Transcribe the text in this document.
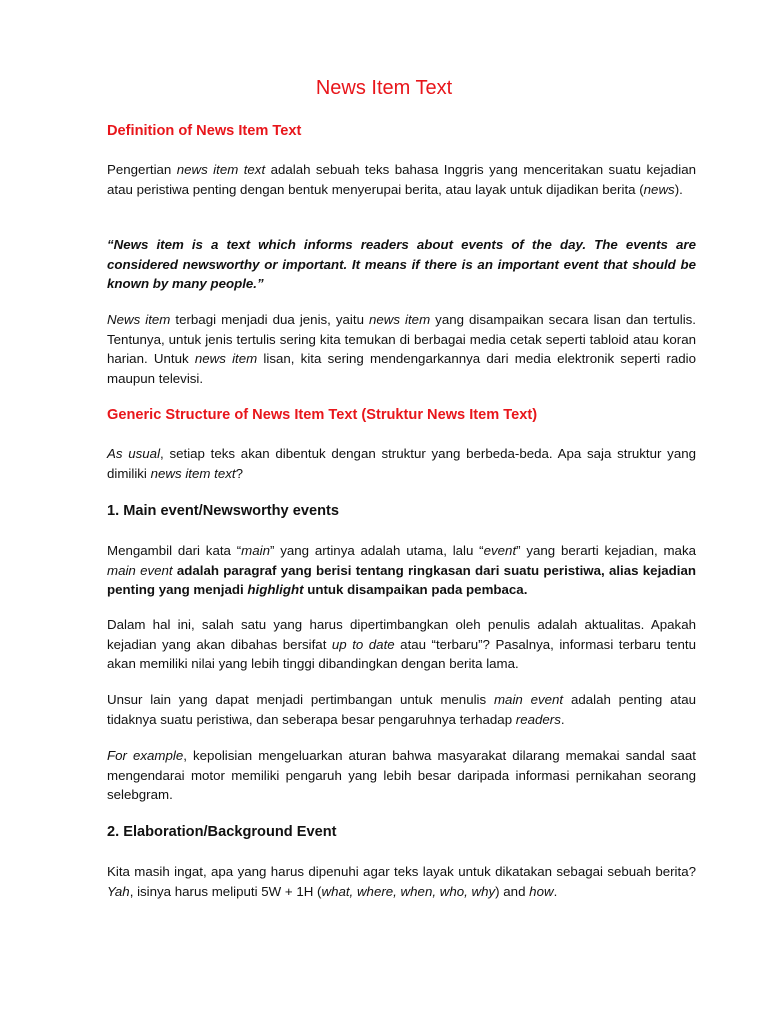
News Item Text
Definition of News Item Text

Pengertian news item text adalah sebuah teks bahasa Inggris yang menceritakan suatu kejadian atau peristiwa penting dengan bentuk menyerupai berita, atau layak untuk dijadikan berita (news).

“News item is a text which informs readers about events of the day. The events are considered newsworthy or important. It means if there is an important event that should be known by many people.”

News item terbagi menjadi dua jenis, yaitu news item yang disampaikan secara lisan dan tertulis. Tentunya, untuk jenis tertulis sering kita temukan di berbagai media cetak seperti tabloid atau koran harian. Untuk news item lisan, kita sering mendengarkannya dari media elektronik seperti radio maupun televisi.

Generic Structure of News Item Text (Struktur News Item Text)

As usual, setiap teks akan dibentuk dengan struktur yang berbeda-beda. Apa saja struktur yang dimiliki news item text?

1. Main event/Newsworthy events

Mengambil dari kata “main” yang artinya adalah utama, lalu “event” yang berarti kejadian, maka main event adalah paragraf yang berisi tentang ringkasan dari suatu peristiwa, alias kejadian penting yang menjadi highlight untuk disampaikan pada pembaca.

Dalam hal ini, salah satu yang harus dipertimbangkan oleh penulis adalah aktualitas. Apakah kejadian yang akan dibahas bersifat up to date atau “terbaru”? Pasalnya, informasi terbaru tentu akan memiliki nilai yang lebih tinggi dibandingkan dengan berita lama.

Unsur lain yang dapat menjadi pertimbangan untuk menulis main event adalah penting atau tidaknya suatu peristiwa, dan seberapa besar pengaruhnya terhadap readers.

For example, kepolisian mengeluarkan aturan bahwa masyarakat dilarang memakai sandal saat mengendarai motor memiliki pengaruh yang lebih besar daripada informasi pernikahan seorang selebgram.

2. Elaboration/Background Event

Kita masih ingat, apa yang harus dipenuhi agar teks layak untuk dikatakan sebagai sebuah berita? Yah, isinya harus meliputi 5W + 1H (what, where, when, who, why) and how.
